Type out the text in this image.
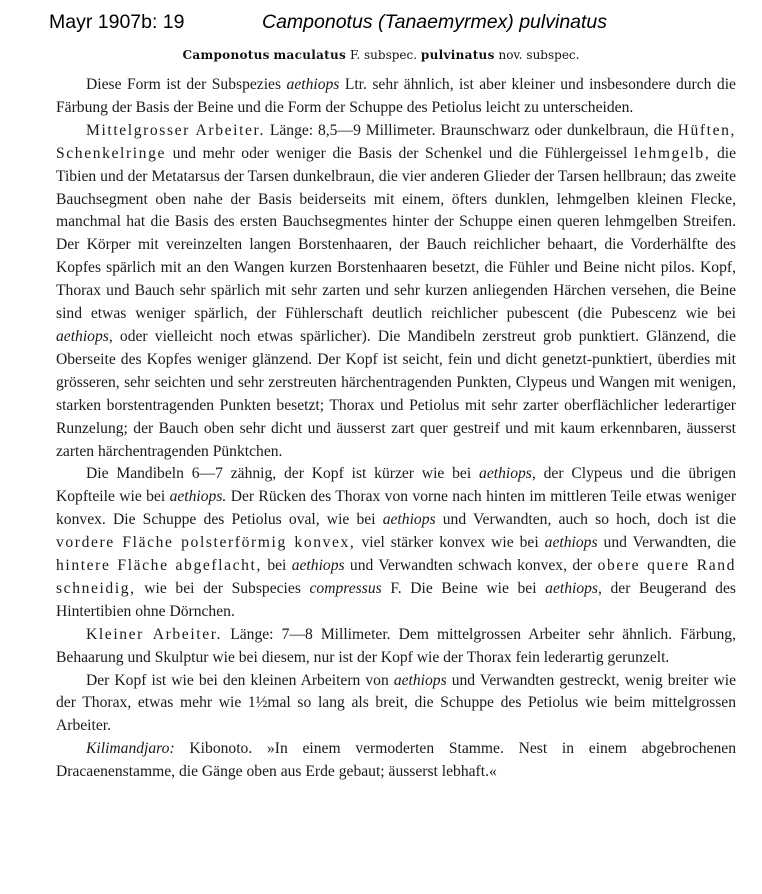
Mayr 1907b: 19	Camponotus (Tanaemyrmex) pulvinatus
Camponotus maculatus F. subspec. pulvinatus nov. subspec.

Diese Form ist der Subspezies aethiops Ltr. sehr ähnlich, ist aber kleiner und insbesondere durch die Färbung der Basis der Beine und die Form der Schuppe des Petiolus leicht zu unterscheiden.

Mittelgrosser Arbeiter. Länge: 8,5—9 Millimeter. Braunschwarz oder dunkelbraun, die Hüften, Schenkelringe und mehr oder weniger die Basis der Schenkel und die Fühlergeissel lehmgelb, die Tibien und der Metatarsus der Tarsen dunkelbraun, die vier anderen Glieder der Tarsen hellbraun; das zweite Bauchsegment oben nahe der Basis beiderseits mit einem, öfters dunklen, lehmgelben kleinen Flecke, manchmal hat die Basis des ersten Bauchsegmentes hinter der Schuppe einen queren lehmgelben Streifen. Der Körper mit vereinzelten langen Borstenhaaren, der Bauch reichlicher behaart, die Vorderhälfte des Kopfes spärlich mit an den Wangen kurzen Borstenhaaren besetzt, die Fühler und Beine nicht pilos. Kopf, Thorax und Bauch sehr spärlich mit sehr zarten und sehr kurzen anliegenden Härchen versehen, die Beine sind etwas weniger spärlich, der Fühlerschaft deutlich reichlicher pubescent (die Pubescenz wie bei aethiops, oder vielleicht noch etwas spärlicher). Die Mandibeln zerstreut grob punktiert. Glänzend, die Oberseite des Kopfes weniger glänzend. Der Kopf ist seicht, fein und dicht genetzt-punktiert, überdies mit grösseren, sehr seichten und sehr zerstreuten härchentragenden Punkten, Clypeus und Wangen mit wenigen, starken borstentragenden Punkten besetzt; Thorax und Petiolus mit sehr zarter oberflächlicher lederartiger Runzelung; der Bauch oben sehr dicht und äusserst zart quer gestreif und mit kaum erkennbaren, äusserst zarten härchentragenden Pünktchen.

Die Mandibeln 6—7 zähnig, der Kopf ist kürzer wie bei aethiops, der Clypeus und die übrigen Kopfteile wie bei aethiops. Der Rücken des Thorax von vorne nach hinten im mittleren Teile etwas weniger konvex. Die Schuppe des Petiolus oval, wie bei aethiops und Verwandten, auch so hoch, doch ist die vordere Fläche polsterförmig konvex, viel stärker konvex wie bei aethiops und Verwandten, die hintere Fläche abgeflacht, bei aethiops und Verwandten schwach konvex, der obere quere Rand schneidig, wie bei der Subspecies compressus F. Die Beine wie bei aethiops, der Beugerand des Hintertibien ohne Dörnchen.

Kleiner Arbeiter. Länge: 7—8 Millimeter. Dem mittelgrossen Arbeiter sehr ähnlich. Färbung, Behaarung und Skulptur wie bei diesem, nur ist der Kopf wie der Thorax fein lederartig gerunzelt.

Der Kopf ist wie bei den kleinen Arbeitern von aethiops und Verwandten gestreckt, wenig breiter wie der Thorax, etwas mehr wie 1½mal so lang als breit, die Schuppe des Petiolus wie beim mittelgrossen Arbeiter.

Kilimandjaro: Kibonoto. »In einem vermoderten Stamme. Nest in einem abgebrochenen Dracaenenstamme, die Gänge oben aus Erde gebaut; äusserst lebhaft.«
